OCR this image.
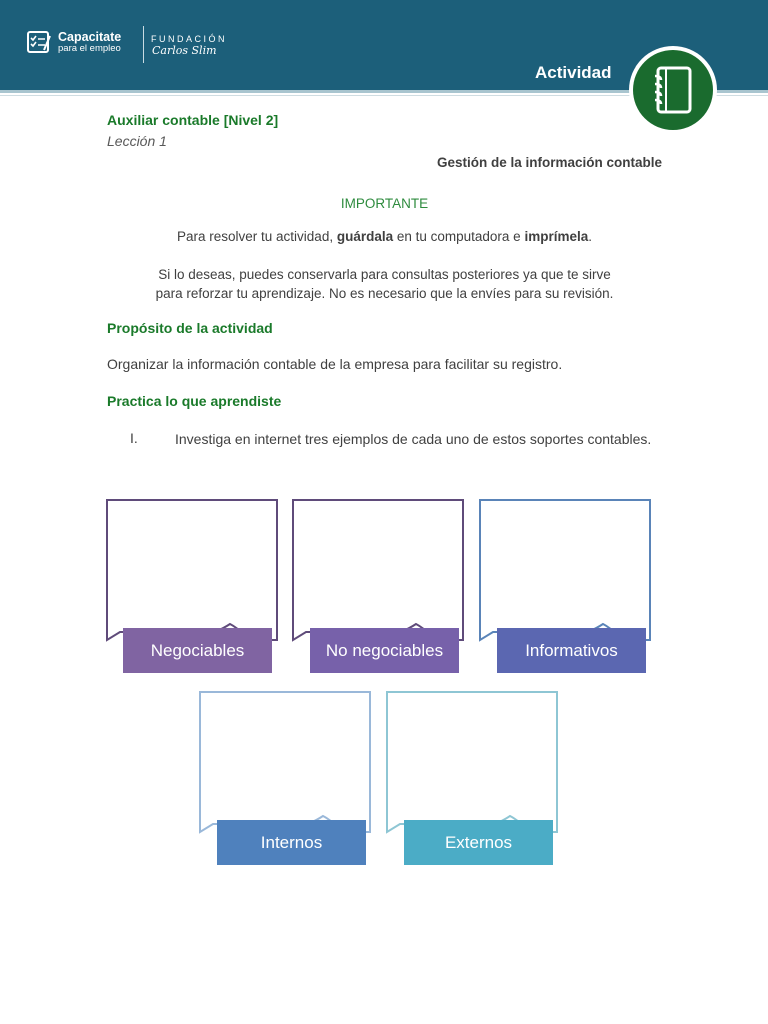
Capacitate
para el empleo
FUNDACIÓN
Carlos Slim
Actividad
Auxiliar contable [Nivel 2]
Lección 1
Gestión de la información contable
IMPORTANTE
Para resolver tu actividad, guárdala en tu computadora e imprímela.
Si lo deseas, puedes conservarla para consultas posteriores ya que te sirve
para reforzar tu aprendizaje. No es necesario que la envíes para su revisión.
Propósito de la actividad
Organizar la información contable de la empresa para facilitar su registro.
Practica lo que aprendiste
I.	Investiga en internet tres ejemplos de cada uno de estos soportes contables.
Negociables	No negociables	Informativos
Internos	Externos
